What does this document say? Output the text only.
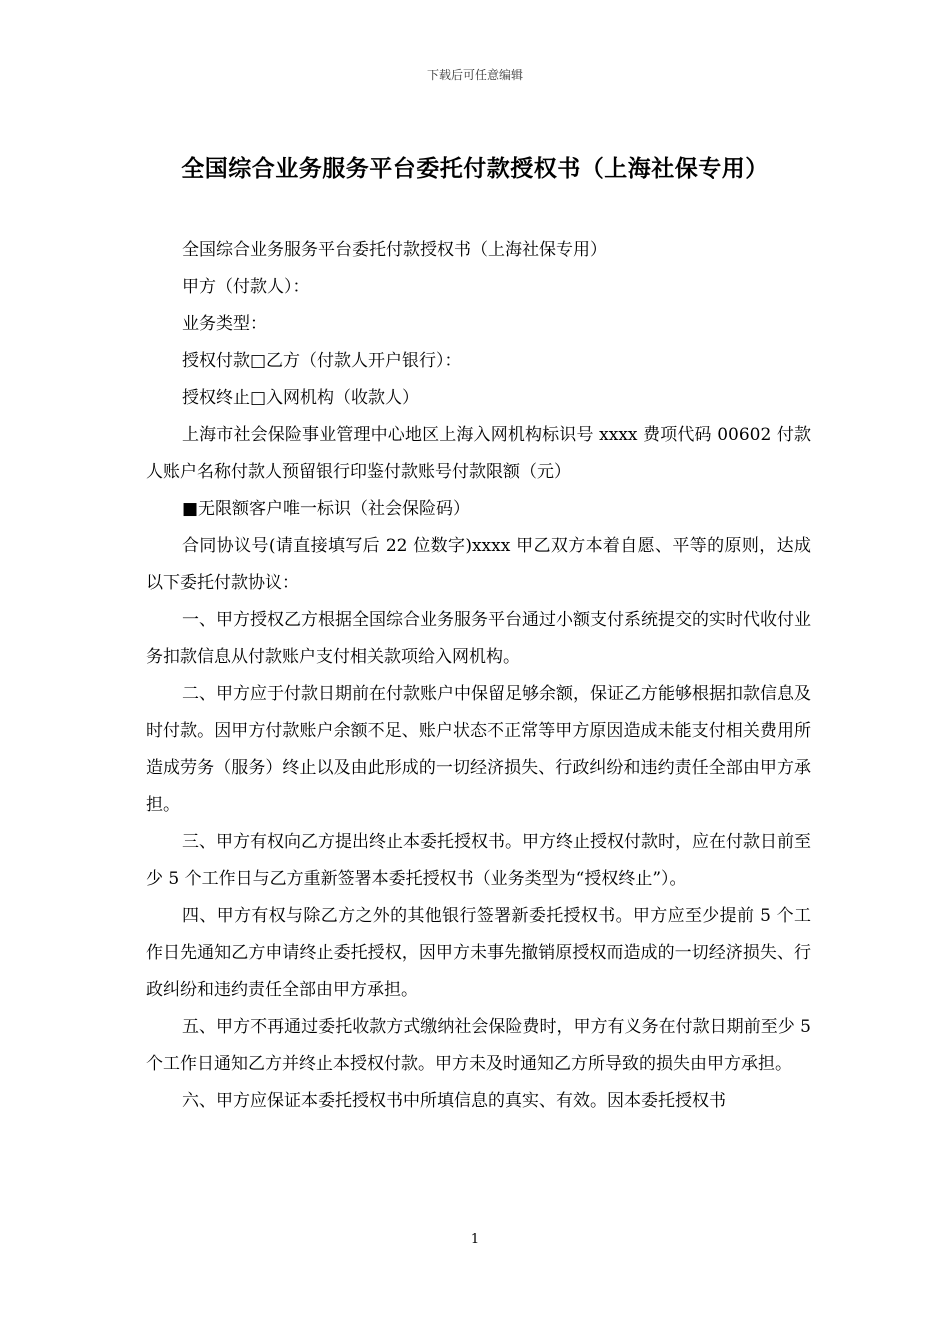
下载后可任意编辑
全国综合业务服务平台委托付款授权书（上海社保专用）

全国综合业务服务平台委托付款授权书（上海社保专用）

甲方（付款人）：

业务类型：

授权付款□乙方（付款人开户银行）：

授权终止□入网机构（收款人）

上海市社会保险事业管理中心地区上海入网机构标识号 xxxx 费项代码 00602 付款人账户名称付款人预留银行印鉴付款账号付款限额（元）

■无限额客户唯一标识（社会保险码）

合同协议号(请直接填写后 22 位数字)xxxx 甲乙双方本着自愿、平等的原则，达成以下委托付款协议：

一、甲方授权乙方根据全国综合业务服务平台通过小额支付系统提交的实时代收付业务扣款信息从付款账户支付相关款项给入网机构。

二、甲方应于付款日期前在付款账户中保留足够余额，保证乙方能够根据扣款信息及时付款。因甲方付款账户余额不足、账户状态不正常等甲方原因造成未能支付相关费用所造成劳务（服务）终止以及由此形成的一切经济损失、行政纠纷和违约责任全部由甲方承担。

三、甲方有权向乙方提出终止本委托授权书。甲方终止授权付款时，应在付款日前至少 5 个工作日与乙方重新签署本委托授权书（业务类型为“授权终止”）。

四、甲方有权与除乙方之外的其他银行签署新委托授权书。甲方应至少提前 5 个工作日先通知乙方申请终止委托授权，因甲方未事先撤销原授权而造成的一切经济损失、行政纠纷和违约责任全部由甲方承担。

五、甲方不再通过委托收款方式缴纳社会保险费时，甲方有义务在付款日期前至少 5 个工作日通知乙方并终止本授权付款。甲方未及时通知乙方所导致的损失由甲方承担。

六、甲方应保证本委托授权书中所填信息的真实、有效。因本委托授权书

1
